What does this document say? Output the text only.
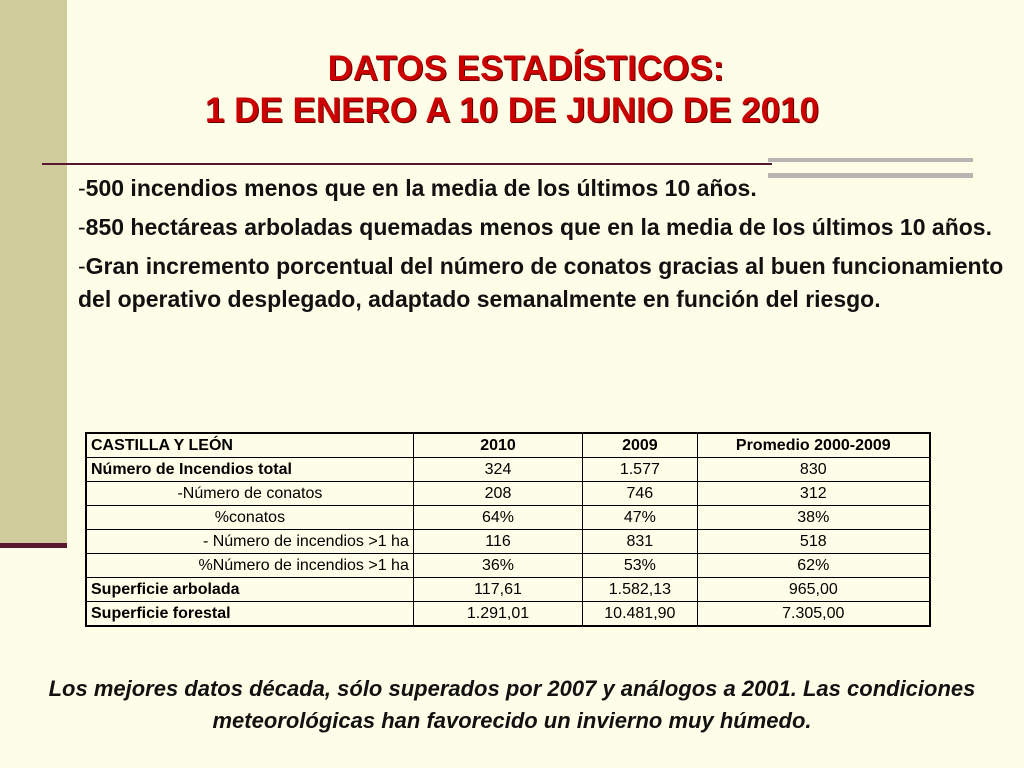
DATOS ESTADÍSTICOS:
1 DE ENERO A 10 DE JUNIO DE 2010

-500 incendios menos que en la media de los últimos 10 años.

-850 hectáreas arboladas quemadas menos que en la media de los últimos 10 años.

-Gran incremento porcentual del número de conatos gracias al buen funcionamiento del operativo desplegado, adaptado semanalmente en función del riesgo.

CASTILLA Y LEÓN	2010	2009	Promedio 2000-2009
Número de Incendios total	324	1.577	830
-Número de conatos	208	746	312
%conatos	64%	47%	38%
- Número de incendios >1 ha	116	831	518
%Número de incendios >1 ha	36%	53%	62%
Superficie arbolada	117,61	1.582,13	965,00
Superficie forestal	1.291,01	10.481,90	7.305,00
Los mejores datos década, sólo superados por 2007 y análogos a 2001. Las condiciones meteorológicas han favorecido un invierno muy húmedo.
